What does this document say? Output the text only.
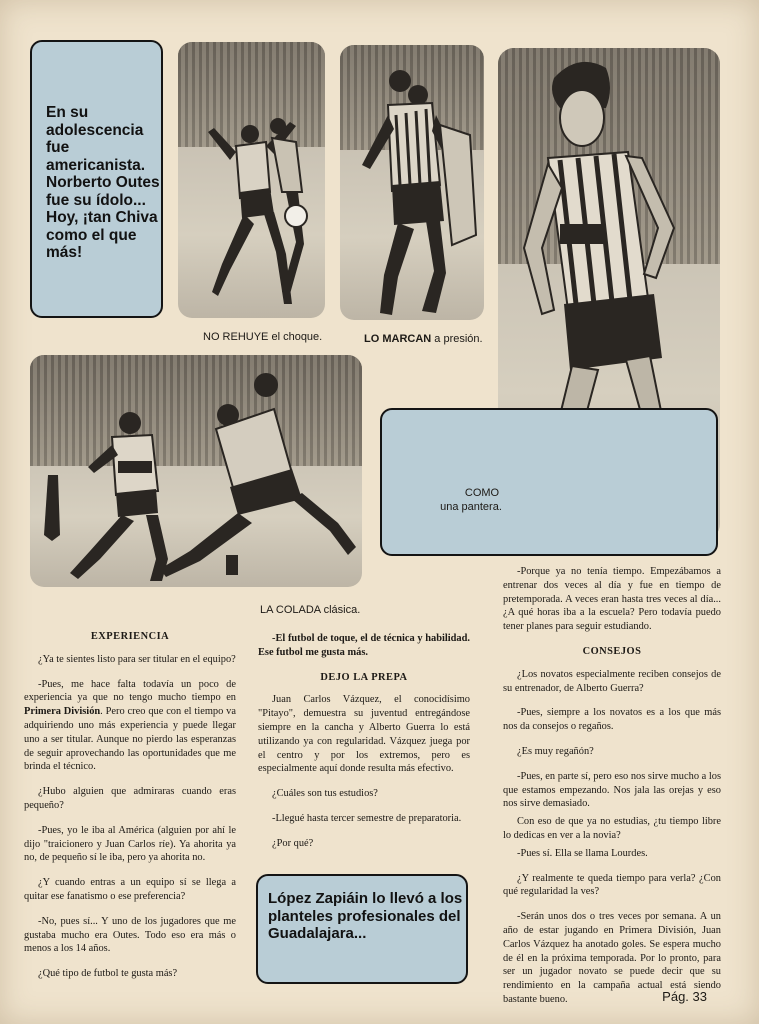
En su adolescencia fue americanista. Norberto Outes fue su ídolo... Hoy, ¡tan Chiva como el que más!
NO REHUYE el choque.	LO MARCAN a presión.
LA COLADA clásica.
COMO
una pantera.
EXPERIENCIA

¿Ya te sientes listo para ser titular en el equipo?

-Pues, me hace falta todavía un poco de experiencia ya que no tengo mucho tiempo en Primera División. Pero creo que con el tiempo va adquiriendo uno más experiencia y puede llegar uno a ser titular. Aunque no pierdo las esperanzas de seguir aprovechando las oportunidades que me brinda el técnico.

¿Hubo alguien que admiraras cuando eras pequeño?

-Pues, yo le iba al América (alguien por ahí le dijo "traicionero y Juan Carlos ríe). Ya ahorita ya no, de pequeño sí le iba, pero ya ahorita no.

¿Y cuando entras a un equipo sí se llega a quitar ese fanatismo o ese preferencia?

-No, pues sí... Y uno de los jugadores que me gustaba mucho era Outes. Todo eso era más o menos a los 14 años.

¿Qué tipo de futbol te gusta más?

-El futbol de toque, el de técnica y habilidad. Ese futbol me gusta más.

DEJO LA PREPA

Juan Carlos Vázquez, el conocidísimo "Pitayo", demuestra su juventud entregándose siempre en la cancha y Alberto Guerra lo está utilizando ya con regularidad. Vázquez juega por el centro y por los extremos, pero es especialmente aquí donde resulta más efectivo.

¿Cuáles son tus estudios?

-Llegué hasta tercer semestre de preparatoria.

¿Por qué?

López Zapiáin lo llevó a los planteles profesionales del Guadalajara...

-Porque ya no tenía tiempo. Empezábamos a entrenar dos veces al día y fue en tiempo de pretemporada. A veces eran hasta tres veces al día... ¿A qué horas iba a la escuela? Pero todavía puedo tener planes para seguir estudiando.

CONSEJOS

¿Los novatos especialmente reciben consejos de su entrenador, de Alberto Guerra?

-Pues, siempre a los novatos es a los que más nos da consejos o regaños.

¿Es muy regañón?

-Pues, en parte sí, pero eso nos sirve mucho a los que estamos empezando. Nos jala las orejas y eso nos sirve demasiado.

Con eso de que ya no estudias, ¿tu tiempo libre lo dedicas en ver a la novia?

-Pues sí. Ella se llama Lourdes.

¿Y realmente te queda tiempo para verla? ¿Con qué regularidad la ves?

-Serán unos dos o tres veces por semana. A un año de estar jugando en Primera División, Juan Carlos Vázquez ha anotado goles. Se espera mucho de él en la próxima temporada. Por lo pronto, para ser un jugador novato se puede decir que su rendimiento en la campaña actual está siendo bastante bueno.	Pág. 33
